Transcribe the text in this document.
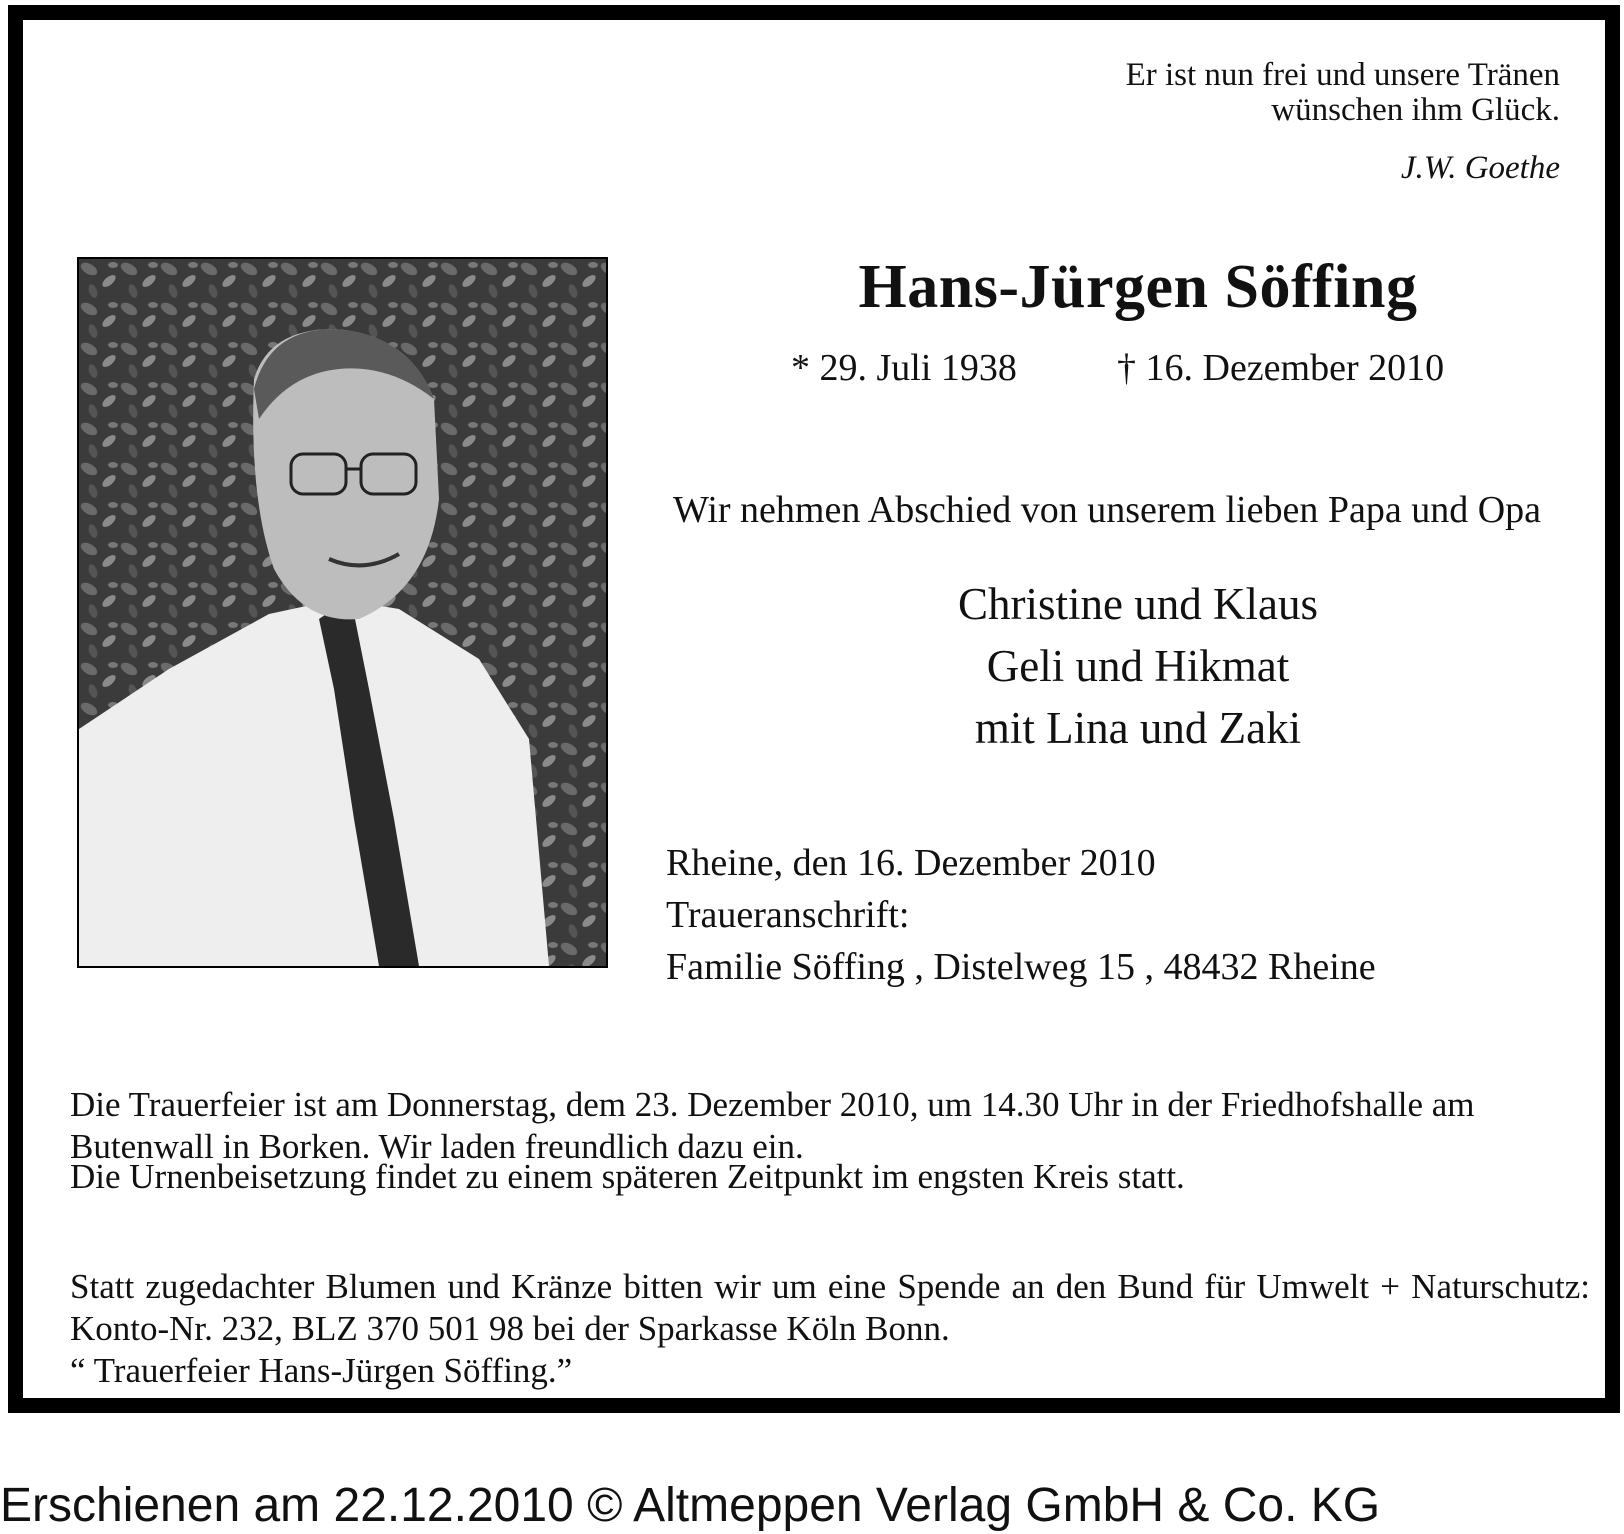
Er ist nun frei und unsere Tränen
wünschen ihm Glück.
J.W. Goethe
Hans-Jürgen Söffing
* 29. Juli 1938	† 16. Dezember 2010
Wir nehmen Abschied von unserem lieben Papa und Opa
Christine und Klaus
Geli und Hikmat
mit Lina und Zaki
Rheine, den 16. Dezember 2010
Traueranschrift:
Familie Söffing , Distelweg 15 , 48432 Rheine
Die Trauerfeier ist am Donnerstag, dem 23. Dezember 2010, um 14.30 Uhr in der Friedhofshalle am Butenwall in Borken. Wir laden freundlich dazu ein.
Die Urnenbeisetzung findet zu einem späteren Zeitpunkt im engsten Kreis statt.
Statt zugedachter Blumen und Kränze bitten wir um eine Spende an den Bund für Umwelt + Naturschutz: Konto-Nr. 232, BLZ 370 501 98 bei der Sparkasse Köln Bonn.
“ Trauerfeier Hans-Jürgen Söffing.”
Erschienen am 22.12.2010 © Altmeppen Verlag GmbH & Co. KG
